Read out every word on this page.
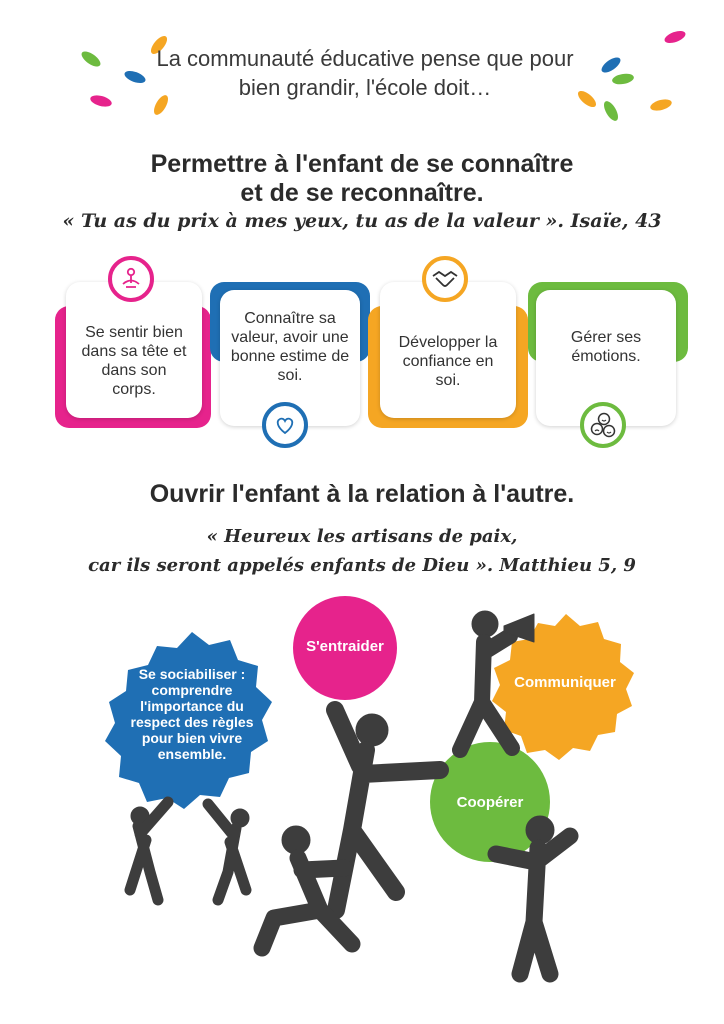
La communauté éducative pense que pour bien grandir, l'école doit…
Permettre à l'enfant de se connaître
et de se reconnaître.
« Tu as du prix à mes yeux, tu as de la valeur ». Isaïe, 43
Se sentir bien dans sa tête et dans son corps.
Connaître sa valeur, avoir une bonne estime de soi.
Développer la confiance en soi.
Gérer ses émotions.
Ouvrir l'enfant à la relation à l'autre.
« Heureux les artisans de paix,
car ils seront appelés enfants de Dieu ». Matthieu 5, 9
Se sociabiliser : comprendre l'importance du respect des règles pour bien vivre ensemble.
S'entraider
Communiquer
Coopérer
